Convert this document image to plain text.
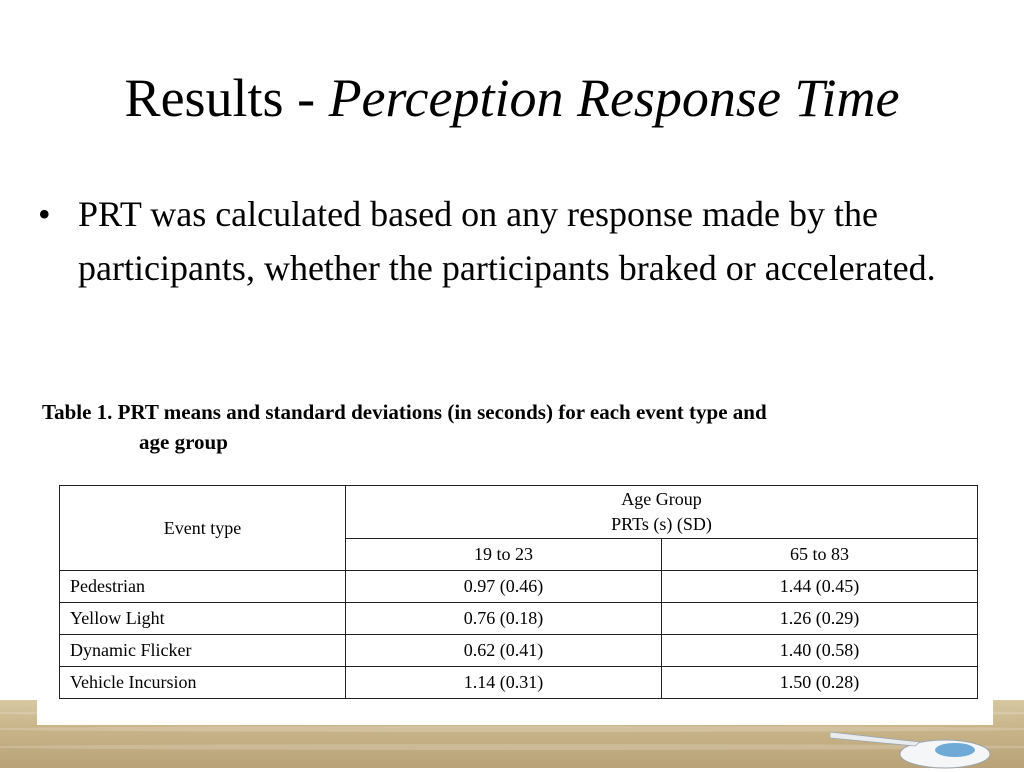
Results - Perception Response Time
• PRT was calculated based on any response made by the participants, whether the participants braked or accelerated.
Table 1. PRT means and standard deviations (in seconds) for each event type and
age group
Event type	Age Group
PRTs (s) (SD)	
	19 to 23	65 to 83
Pedestrian	0.97 (0.46)	1.44 (0.45)
Yellow Light	0.76 (0.18)	1.26 (0.29)
Dynamic Flicker	0.62 (0.41)	1.40 (0.58)
Vehicle Incursion	1.14 (0.31)	1.50 (0.28)
